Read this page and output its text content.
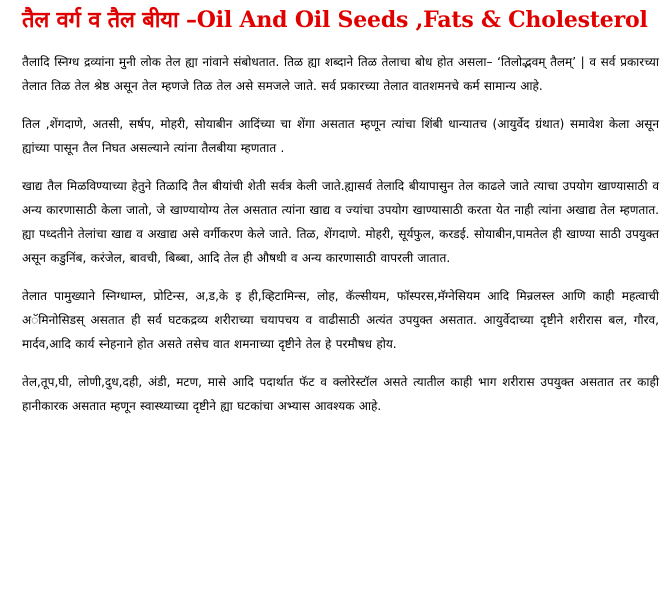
तैल वर्ग व तैल बीया –Oil And Oil Seeds ,Fats & Cholesterol

तैलादि स्निग्ध द्रव्यांना मुनी लोक तेल ह्या नांवाने संबोधतात. तिळ ह्या शब्दाने तिळ तेलाचा बोध होत असला– ‘तिलोद्भवम् तैलम्’ | व सर्व प्रकारच्या तेलात तिळ तेल श्रेष्ठ असून तेल म्हणजे तिळ तेल असे समजले जाते. सर्व प्रकारच्या तेलात वातशमनचे कर्म सामान्य आहे.

तिल ,शेंगदाणे, अतसी, सर्षप, मोहरी, सोयाबीन आदिंच्या चा शेंगा असतात म्हणून त्यांचा शिंबी धान्यातच (आयुर्वेद ग्रंथात) समावेश केला असून ह्यांच्या पासून तैल निघत असल्याने त्यांना तैलबीया म्हणतात .

खाद्य तैल मिळविण्याच्या हेतुने तिळादि तैल बीयांची शेती सर्वत्र केली जाते.ह्यासर्व तेलादि बीयापासुन तेल काढले जाते त्याचा उपयोग खाण्यासाठी व अन्य कारणासाठी केला जातो, जे खाण्यायोग्य तेल असतात त्यांना खाद्य व ज्यांचा उपयोग खाण्यासाठी करता येत नाही त्यांना अखाद्य तेल म्हणतात. ह्या पध्दतीने तेलांचा खाद्य व अखाद्य असे वर्गीकरण केले जाते. तिळ, शेंगदाणे. मोहरी, सूर्यफुल, करडई. सोयाबीन,पामतेल ही खाण्या साठी उपयुक्त असून कडुनिंब, करंजेल, बावची, बिब्बा, आदि तेल ही औषधी व अन्य कारणासाठी वापरली जातात.

तेलात पामुख्याने स्निग्धाम्ल, प्रोटिन्स, अ,ड,के इ ही,व्हिटामिन्स, लोह, कॅल्सीयम, फॉस्परस,मॅग्नेसियम आदि मिन्रलस्ल आणि काही महत्वाची अॅमिनोसिडस् असतात ही सर्व घटकद्रव्य शरीराच्या चयापचय व वाढीसाठी अत्यंत उपयुक्त असतात. आयुर्वेदाच्या दृष्टीने शरीरास बल, गौरव, मार्दव,आदि कार्य स्नेहनाने होत असते तसेच वात शमनाच्या दृष्टीने तेल हे परमौषध होय.

तेल,तूप,घी, लोणी,दुध,दही, अंडी, मटण, मासे आदि पदार्थात फॅट व क्लोरेस्टॉल असते त्यातील काही भाग शरीरास उपयुक्त असतात तर काही हानीकारक असतात म्हणून स्वास्थ्याच्या दृष्टीने ह्या घटकांचा अभ्यास आवश्यक आहे.
